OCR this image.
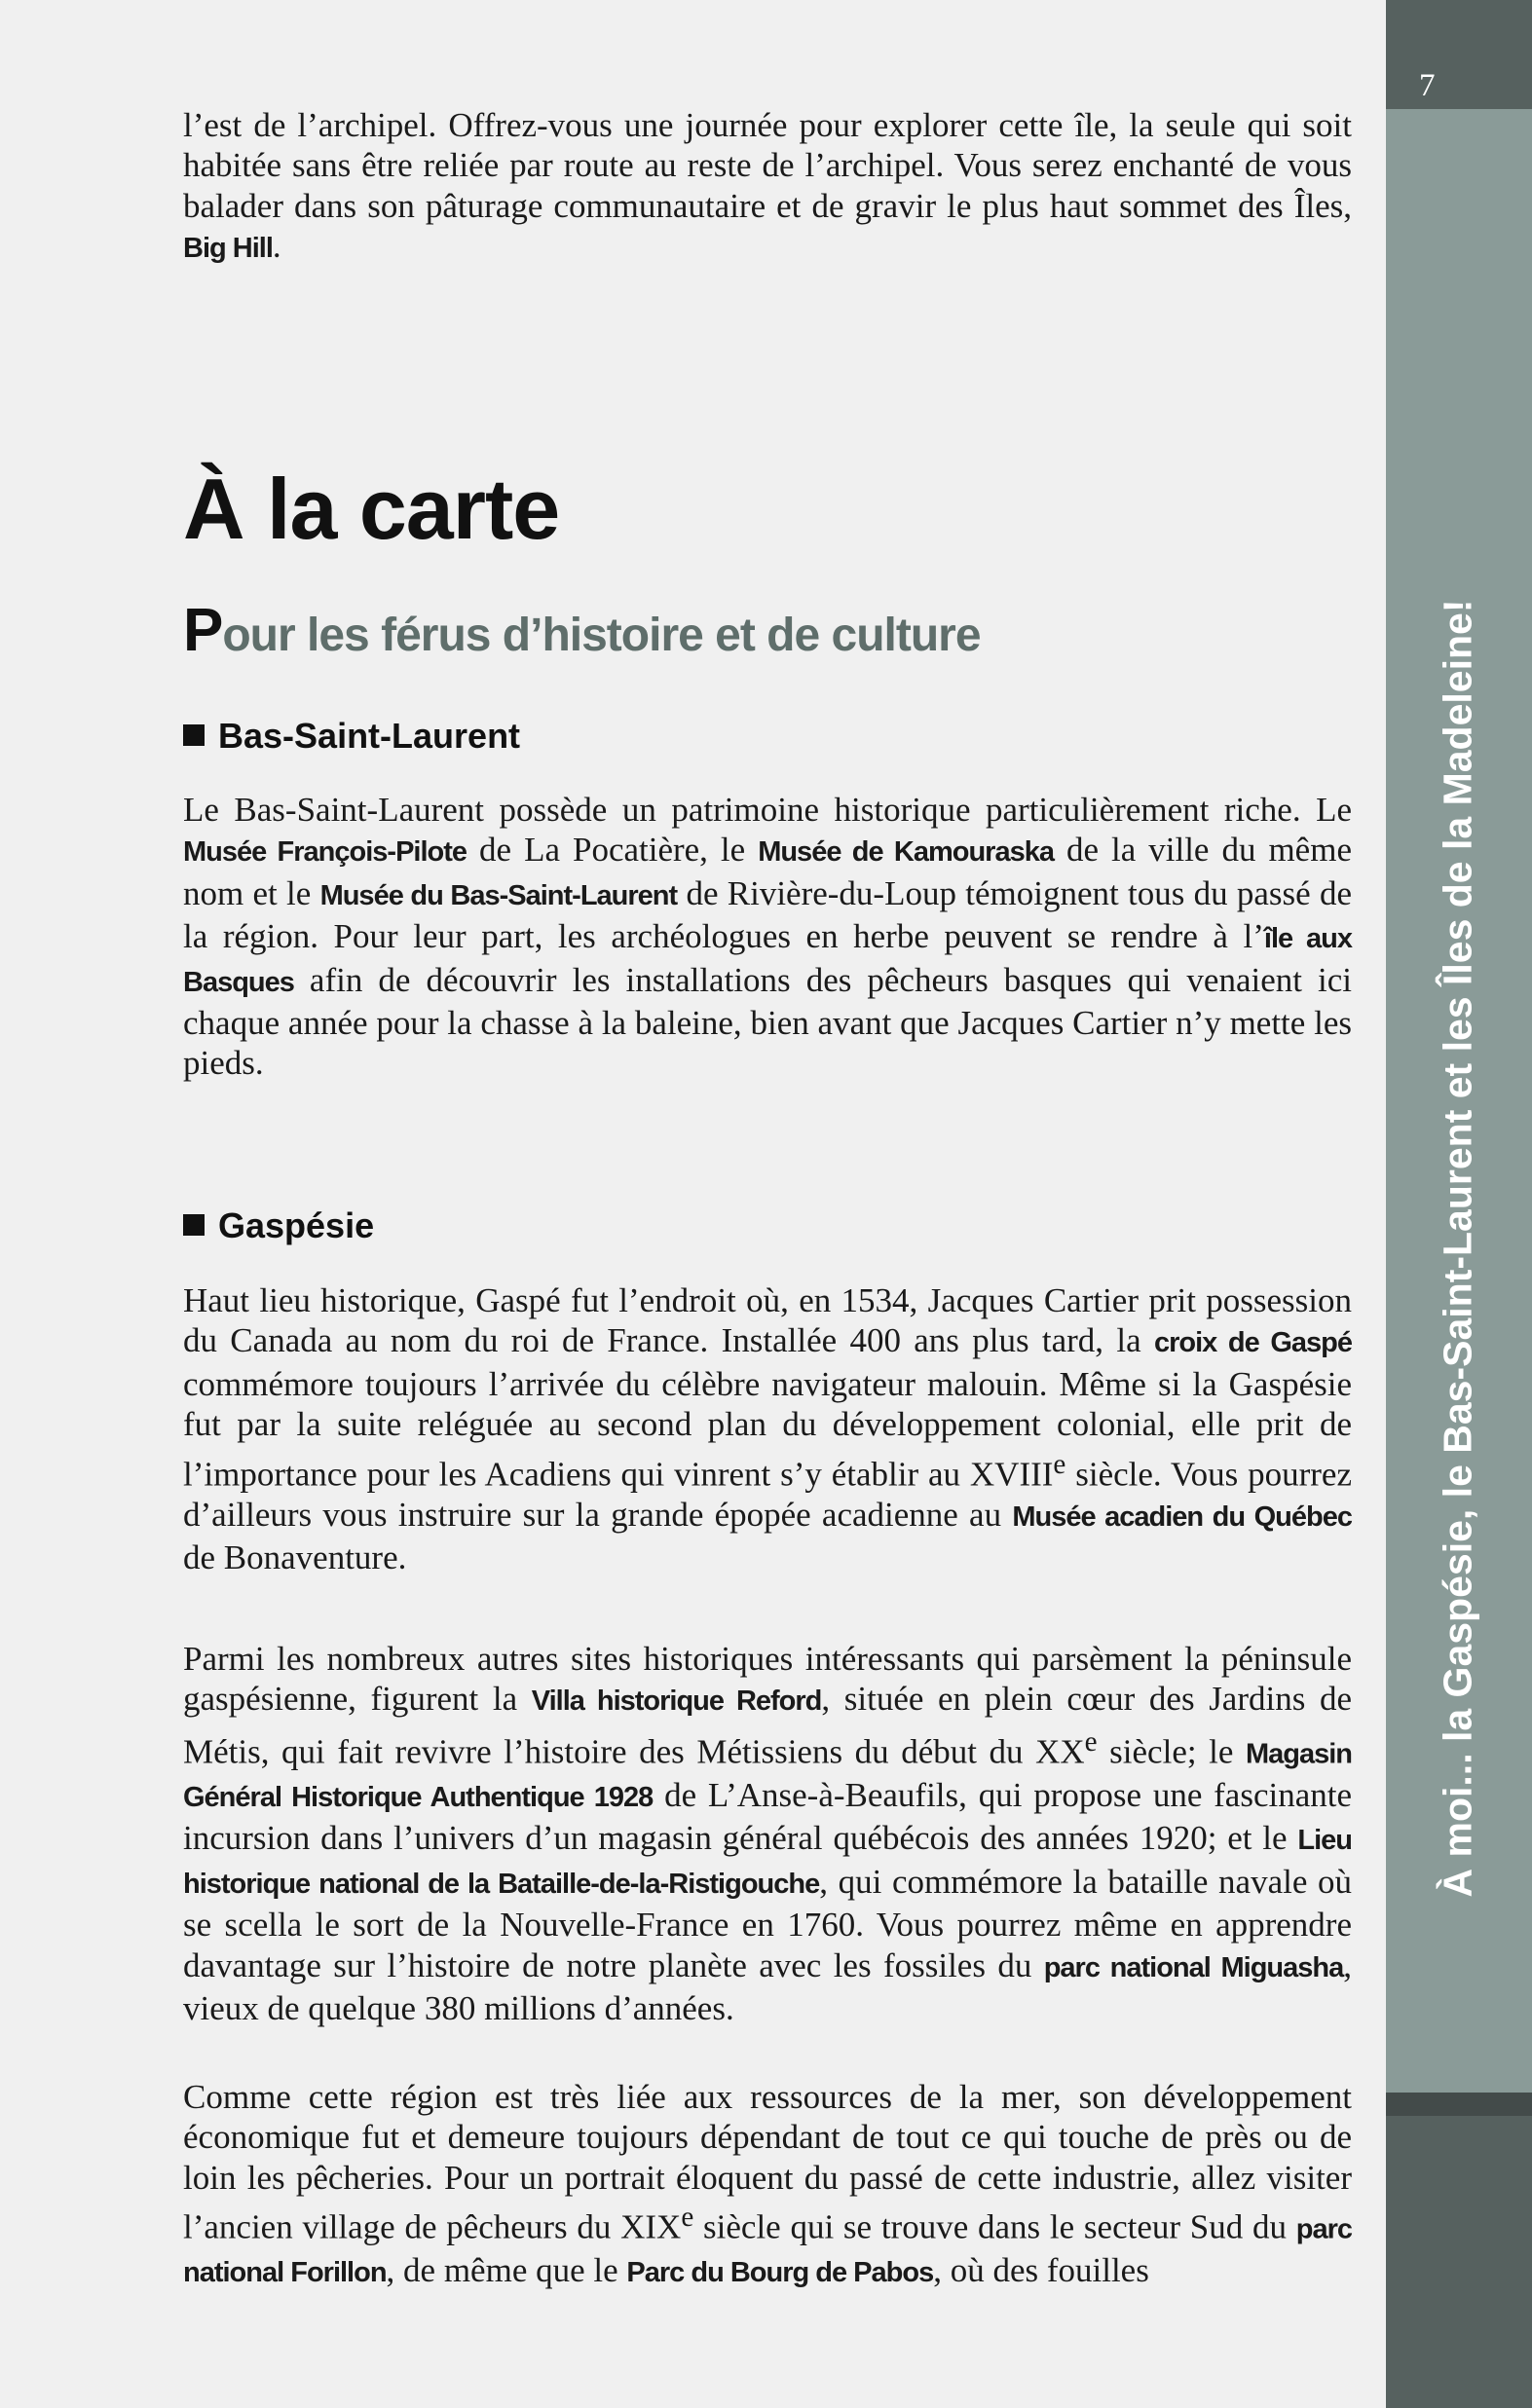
7
À moi... la Gaspésie, le Bas-Saint-Laurent et les Îles de la Madeleine!

l’est de l’archipel. Offrez-vous une journée pour explorer cette île, la seule qui soit habitée sans être reliée par route au reste de l’archipel. Vous serez enchanté de vous balader dans son pâturage communautaire et de gravir le plus haut sommet des Îles, Big Hill.

À la carte
Pour les férus d’histoire et de culture
Bas-Saint-Laurent

Le Bas-Saint-Laurent possède un patrimoine historique particulièrement riche. Le Musée François-Pilote de La Pocatière, le Musée de Kamouraska de la ville du même nom et le Musée du Bas-Saint-Laurent de Rivière-du-Loup témoignent tous du passé de la région. Pour leur part, les archéologues en herbe peuvent se rendre à l’île aux Basques afin de découvrir les installations des pêcheurs basques qui venaient ici chaque année pour la chasse à la baleine, bien avant que Jacques Cartier n’y mette les pieds.

Gaspésie

Haut lieu historique, Gaspé fut l’endroit où, en 1534, Jacques Cartier prit possession du Canada au nom du roi de France. Installée 400 ans plus tard, la croix de Gaspé commémore toujours l’arrivée du célèbre navigateur malouin. Même si la Gaspésie fut par la suite reléguée au second plan du développement colonial, elle prit de l’importance pour les Acadiens qui vinrent s’y établir au XVIIIe siècle. Vous pourrez d’ailleurs vous instruire sur la grande épopée acadienne au Musée acadien du Québec de Bonaventure.

Parmi les nombreux autres sites historiques intéressants qui parsèment la péninsule gaspésienne, figurent la Villa historique Reford, située en plein cœur des Jardins de Métis, qui fait revivre l’histoire des Métissiens du début du XXe siècle; le Magasin Général Historique Authentique 1928 de L’Anse-à-Beaufils, qui propose une fascinante incursion dans l’univers d’un magasin général québécois des années 1920; et le Lieu historique national de la Bataille-de-la-Ristigouche, qui commémore la bataille navale où se scella le sort de la Nouvelle-France en 1760. Vous pourrez même en apprendre davantage sur l’histoire de notre planète avec les fossiles du parc national Miguasha, vieux de quelque 380 millions d’années.

Comme cette région est très liée aux ressources de la mer, son développement économique fut et demeure toujours dépendant de tout ce qui touche de près ou de loin les pêcheries. Pour un portrait éloquent du passé de cette industrie, allez visiter l’ancien village de pêcheurs du XIXe siècle qui se trouve dans le secteur Sud du parc national Forillon, de même que le Parc du Bourg de Pabos, où des fouilles
